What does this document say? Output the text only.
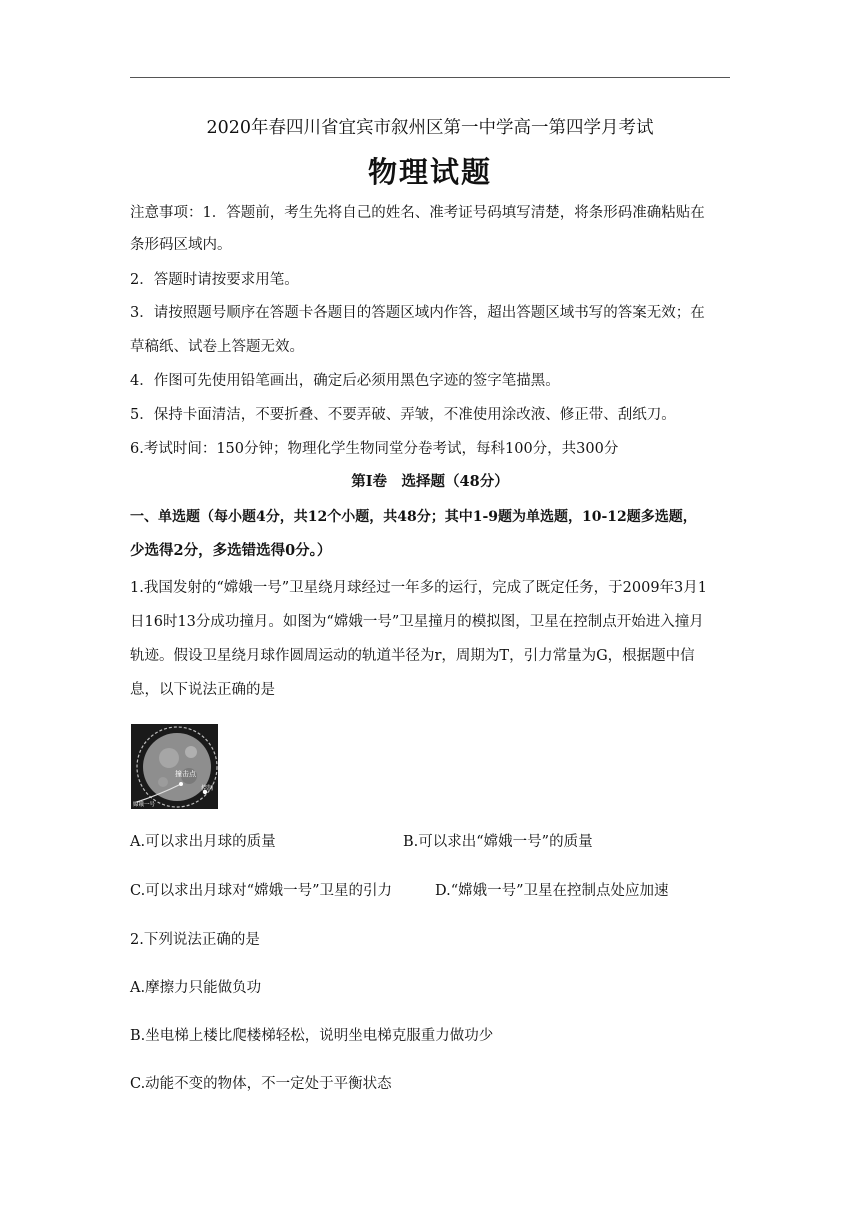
2020年春四川省宜宾市叙州区第一中学高一第四学月考试
物理试题
注意事项：1．答题前，考生先将自己的姓名、准考证号码填写清楚，将条形码准确粘贴在
条形码区域内。
2．答题时请按要求用笔。
3．请按照题号顺序在答题卡各题目的答题区域内作答，超出答题区域书写的答案无效；在
草稿纸、试卷上答题无效。
4．作图可先使用铅笔画出，确定后必须用黑色字迹的签字笔描黑。
5．保持卡面清洁，不要折叠、不要弄破、弄皱，不准使用涂改液、修正带、刮纸刀。
6.考试时间：150分钟；物理化学生物同堂分卷考试，每科100分，共300分
第I卷　选择题（48分）
一、单选题（每小题4分，共12个小题，共48分；其中1-9题为单选题，10-12题多选题，
少选得2分，多选错选得0分。）
1.我国发射的“嫦娥一号”卫星绕月球经过一年多的运行，完成了既定任务，于2009年3月1
日16时13分成功撞月。如图为“嫦娥一号”卫星撞月的模拟图，卫星在控制点开始进入撞月
轨迹。假设卫星绕月球作圆周运动的轨道半径为r，周期为T，引力常量为G，根据题中信
息，以下说法正确的是
撞击点
控制
嫦娥一号
A.可以求出月球的质量	B.可以求出“嫦娥一号”的质量
C.可以求出月球对“嫦娥一号”卫星的引力	D.“嫦娥一号”卫星在控制点处应加速
2.下列说法正确的是
A.摩擦力只能做负功
B.坐电梯上楼比爬楼梯轻松，说明坐电梯克服重力做功少
C.动能不变的物体，不一定处于平衡状态
